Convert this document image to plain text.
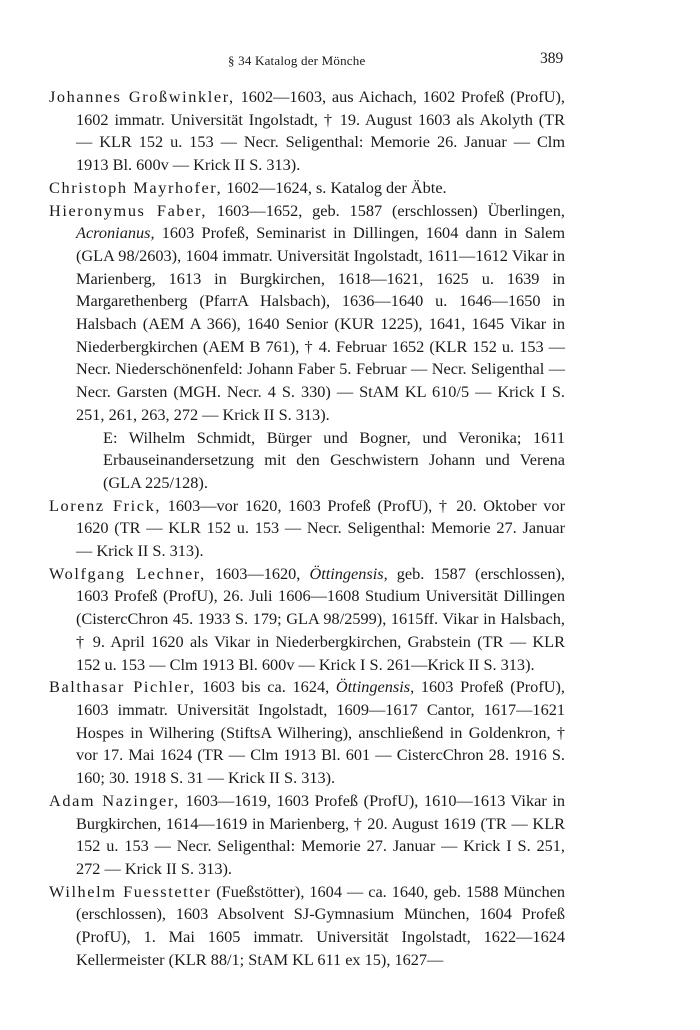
§ 34 Katalog der Mönche	389

Johannes Großwinkler, 1602—1603, aus Aichach, 1602 Profeß (ProfU), 1602 immatr. Universität Ingolstadt, † 19. August 1603 als Akolyth (TR — KLR 152 u. 153 — Necr. Seligenthal: Memorie 26. Januar — Clm 1913 Bl. 600v — Krick II S. 313).

Christoph Mayrhofer, 1602—1624, s. Katalog der Äbte.

Hieronymus Faber, 1603—1652, geb. 1587 (erschlossen) Überlingen, Acronianus, 1603 Profeß, Seminarist in Dillingen, 1604 dann in Salem (GLA 98/2603), 1604 immatr. Universität Ingolstadt, 1611—1612 Vikar in Marienberg, 1613 in Burgkirchen, 1618—1621, 1625 u. 1639 in Margarethenberg (PfarrA Halsbach), 1636—1640 u. 1646—1650 in Halsbach (AEM A 366), 1640 Senior (KUR 1225), 1641, 1645 Vikar in Niederbergkirchen (AEM B 761), † 4. Februar 1652 (KLR 152 u. 153 — Necr. Niederschönenfeld: Johann Faber 5. Februar — Necr. Seligenthal — Necr. Garsten (MGH. Necr. 4 S. 330) — StAM KL 610/5 — Krick I S. 251, 261, 263, 272 — Krick II S. 313).

E: Wilhelm Schmidt, Bürger und Bogner, und Veronika; 1611 Erbauseinandersetzung mit den Geschwistern Johann und Verena (GLA 225/128).

Lorenz Frick, 1603—vor 1620, 1603 Profeß (ProfU), † 20. Oktober vor 1620 (TR — KLR 152 u. 153 — Necr. Seligenthal: Memorie 27. Januar — Krick II S. 313).

Wolfgang Lechner, 1603—1620, Öttingensis, geb. 1587 (erschlossen), 1603 Profeß (ProfU), 26. Juli 1606—1608 Studium Universität Dillingen (CistercChron 45. 1933 S. 179; GLA 98/2599), 1615ff. Vikar in Halsbach, † 9. April 1620 als Vikar in Niederbergkirchen, Grabstein (TR — KLR 152 u. 153 — Clm 1913 Bl. 600v — Krick I S. 261—Krick II S. 313).

Balthasar Pichler, 1603 bis ca. 1624, Öttingensis, 1603 Profeß (ProfU), 1603 immatr. Universität Ingolstadt, 1609—1617 Cantor, 1617—1621 Hospes in Wilhering (StiftsA Wilhering), anschließend in Goldenkron, † vor 17. Mai 1624 (TR — Clm 1913 Bl. 601 — CistercChron 28. 1916 S. 160; 30. 1918 S. 31 — Krick II S. 313).

Adam Nazinger, 1603—1619, 1603 Profeß (ProfU), 1610—1613 Vikar in Burgkirchen, 1614—1619 in Marienberg, † 20. August 1619 (TR — KLR 152 u. 153 — Necr. Seligenthal: Memorie 27. Januar — Krick I S. 251, 272 — Krick II S. 313).

Wilhelm Fuesstetter (Fueßstötter), 1604 — ca. 1640, geb. 1588 München (erschlossen), 1603 Absolvent SJ-Gymnasium München, 1604 Profeß (ProfU), 1. Mai 1605 immatr. Universität Ingolstadt, 1622—1624 Kellermeister (KLR 88/1; StAM KL 611 ex 15), 1627—
